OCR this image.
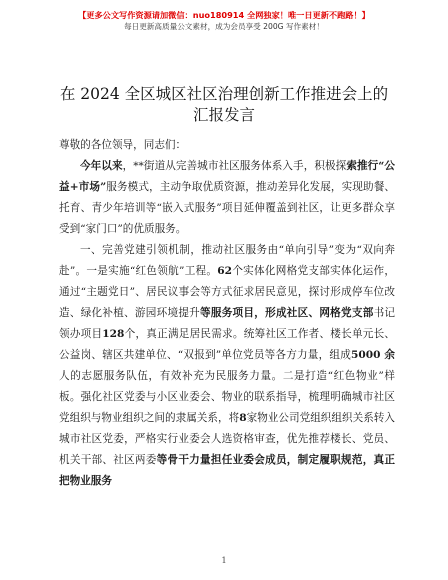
【更多公文写作资源请加微信：nuo180914 全网独家！唯一日更新不跑路！】
每日更新高质量公文素材，成为会员享受 200G 写作素材！
在 2024 全区城区社区治理创新工作推进会上的
汇报发言
尊敬的各位领导，同志们：
今年以来，**街道从完善城市社区服务体系入手，积极探索推行“公益+市场”服务模式，主动争取优质资源，推动差异化发展，实现助餐、托育、青少年培训等“嵌入式服务”项目延伸覆盖到社区，让更多群众享受到“家门口”的优质服务。
一、完善党建引领机制，推动社区服务由“单向引导”变为“双向奔赴”。一是实施“红色领航”工程。62个实体化网格党支部实体化运作，通过“主题党日”、居民议事会等方式征求居民意见，探讨形成停车位改造、绿化补植、游园环境提升等服务项目，形成社区、网格党支部书记领办项目128个，真正满足居民需求。统筹社区工作者、楼长单元长、公益岗、辖区共建单位、“双报到”单位党员等各方力量，组成5000 余人的志愿服务队伍，有效补充为民服务力量。二是打造“红色物业”样板。强化社区党委与小区业委会、物业的联系指导，梳理明确城市社区党组织与物业组织之间的隶属关系，将8家物业公司党组织组织关系转入城市社区党委，严格实行业委会人选资格审查，优先推荐楼长、党员、机关干部、社区两委等骨干力量担任业委会成员，制定履职规范，真正把物业服务
1
